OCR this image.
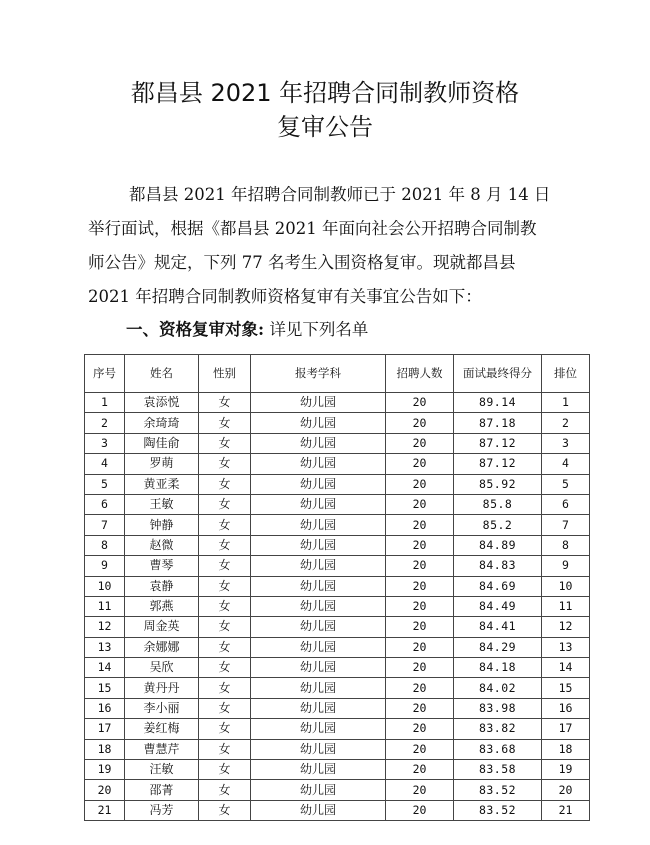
都昌县 2021 年招聘合同制教师资格
复审公告
都昌县 2021 年招聘合同制教师已于 2021 年 8 月 14 日
举行面试，根据《都昌县 2021 年面向社会公开招聘合同制教
师公告》规定，下列 77 名考生入围资格复审。现就都昌县
2021 年招聘合同制教师资格复审有关事宜公告如下：
一、资格复审对象: 详见下列名单
序号	姓名	性别	报考学科	招聘人数	面试最终得分	排位
1	袁添悦	女	幼儿园	20	89.14	1
2	余琦琦	女	幼儿园	20	87.18	2
3	陶佳俞	女	幼儿园	20	87.12	3
4	罗萌	女	幼儿园	20	87.12	4
5	黄亚柔	女	幼儿园	20	85.92	5
6	王敏	女	幼儿园	20	85.8	6
7	钟静	女	幼儿园	20	85.2	7
8	赵微	女	幼儿园	20	84.89	8
9	曹琴	女	幼儿园	20	84.83	9
10	袁静	女	幼儿园	20	84.69	10
11	郭燕	女	幼儿园	20	84.49	11
12	周金英	女	幼儿园	20	84.41	12
13	余娜娜	女	幼儿园	20	84.29	13
14	吴欣	女	幼儿园	20	84.18	14
15	黄丹丹	女	幼儿园	20	84.02	15
16	李小丽	女	幼儿园	20	83.98	16
17	姜红梅	女	幼儿园	20	83.82	17
18	曹慧芹	女	幼儿园	20	83.68	18
19	汪敏	女	幼儿园	20	83.58	19
20	邵菁	女	幼儿园	20	83.52	20
21	冯芳	女	幼儿园	20	83.52	21
